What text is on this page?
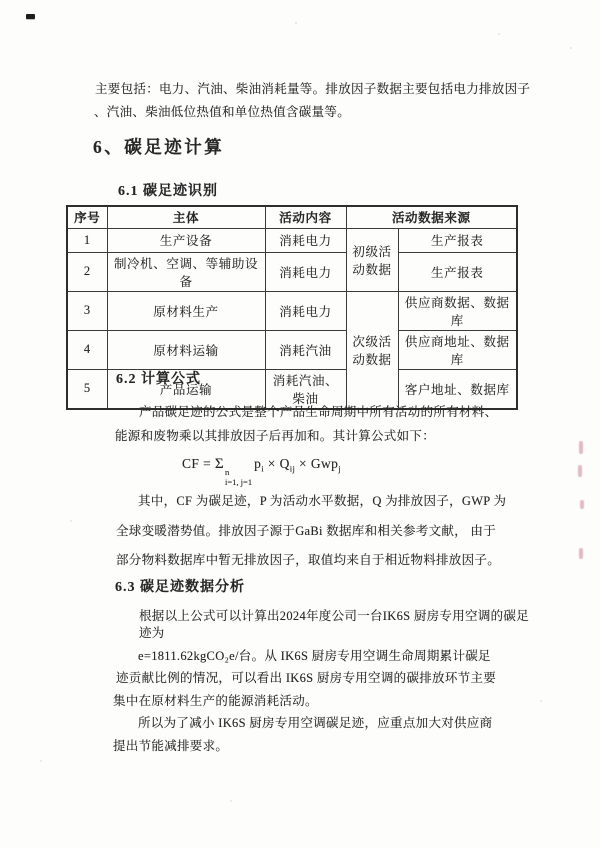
主要包括：电力、汽油、柴油消耗量等。排放因子数据主要包括电力排放因子
、汽油、柴油低位热值和单位热值含碳量等。
6、碳足迹计算
6.1 碳足迹识别
序号	主体	活动内容	活动数据来源	
1	生产设备	消耗电力	初级活动数据	生产报表
2	制冷机、空调、等辅助设备	消耗电力		生产报表
3	原材料生产	消耗电力	次级活动数据	供应商数据、数据库
4	原材料运输	消耗汽油		供应商地址、数据库
5	产品运输	消耗汽油、柴油		客户地址、数据库
6.2 计算公式
产品碳足迹的公式是整个产品生命周期中所有活动的所有材料、
能源和废物乘以其排放因子后再加和。其计算公式如下：
CF = Σ n
i=1, j=1
$p_i \times Q_{ij} \times Gwp_j$
其中，CF 为碳足迹，P 为活动水平数据，Q 为排放因子，GWP 为
全球变暖潜势值。排放因子源于GaBi 数据库和相关参考文献， 由于
部分物料数据库中暂无排放因子，取值均来自于相近物料排放因子。
6.3 碳足迹数据分析
根据以上公式可以计算出2024年度公司一台IK6S 厨房专用空调的碳足
迹为
e=1811.62kgCO₂e/台。从 IK6S 厨房专用空调生命周期累计碳足
迹贡献比例的情况，可以看出 IK6S 厨房专用空调的碳排放环节主要
集中在原材料生产的能源消耗活动。
所以为了减小 IK6S 厨房专用空调碳足迹，应重点加大对供应商
提出节能减排要求。
